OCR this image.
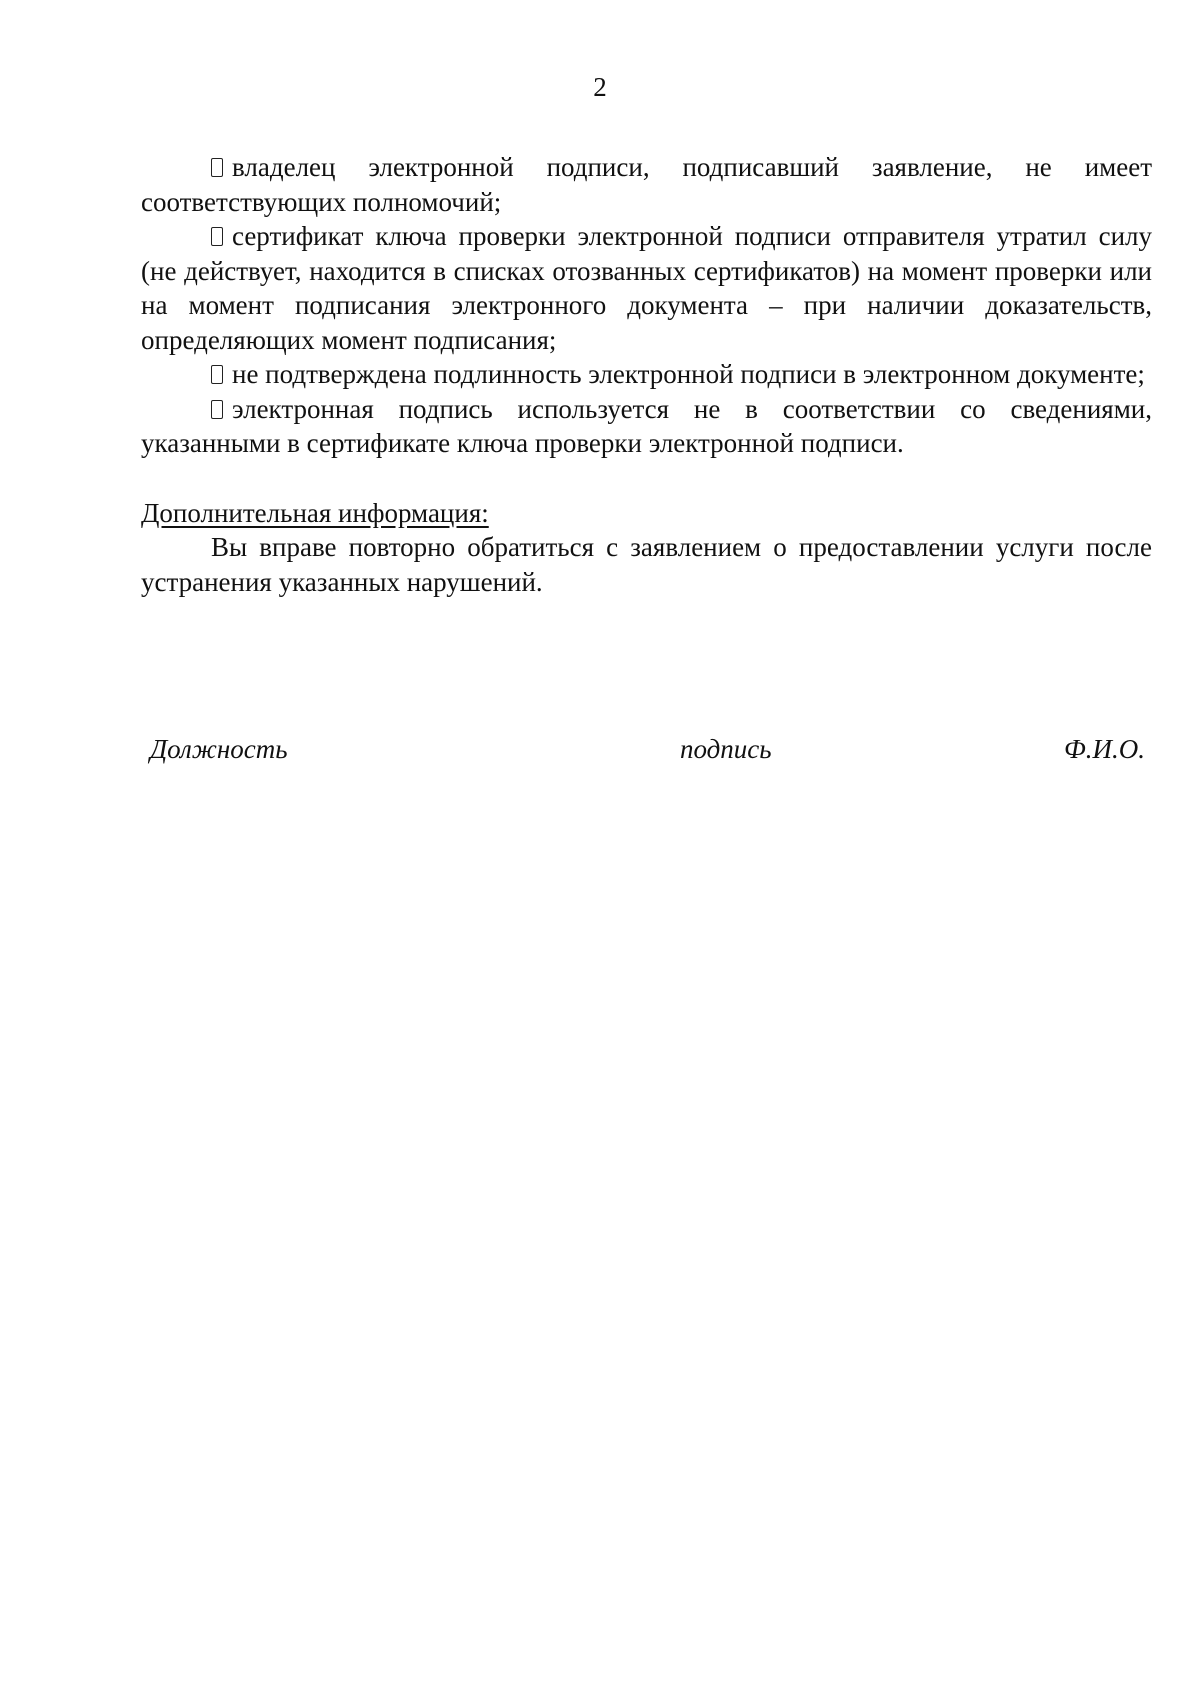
2

владелец электронной подписи, подписавший заявление, не имеет соответствующих полномочий;

сертификат ключа проверки электронной подписи отправителя утратил силу (не действует, находится в списках отозванных сертификатов) на момент проверки или на момент подписания электронного документа – при наличии доказательств, определяющих момент подписания;

не подтверждена подлинность электронной подписи в электронном документе;

электронная подпись используется не в соответствии со сведениями, указанными в сертификате ключа проверки электронной подписи.

Дополнительная информация:

Вы вправе повторно обратиться с заявлением о предоставлении услуги после устранения указанных нарушений.

Должность	подпись	Ф.И.О.
